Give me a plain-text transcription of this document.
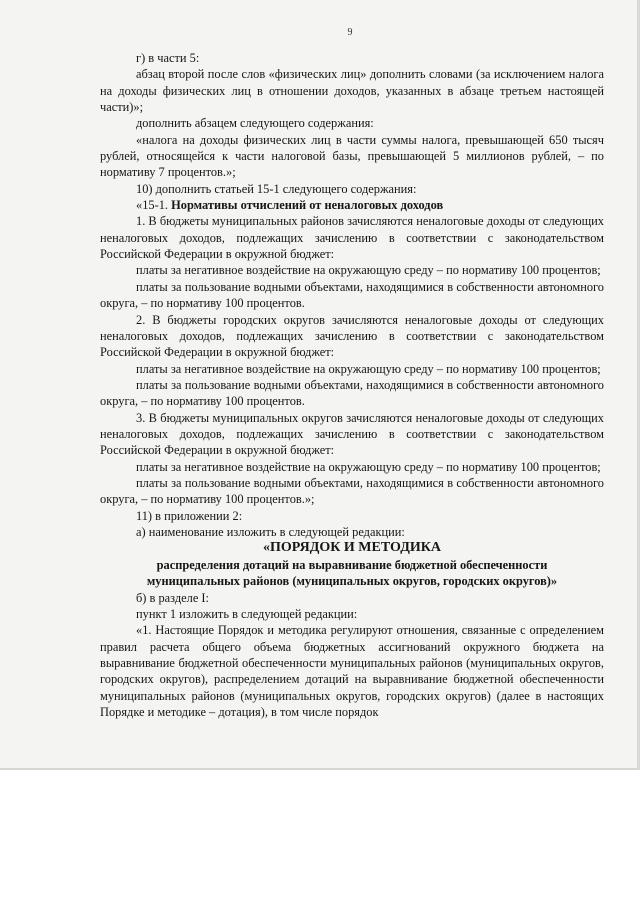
9

г) в части 5:

абзац второй после слов «физических лиц» дополнить словами (за исключением налога на доходы физических лиц в отношении доходов, указанных в абзаце третьем настоящей части)»;

дополнить абзацем следующего содержания:

«налога на доходы физических лиц в части суммы налога, превышающей 650 тысяч рублей, относящейся к части налоговой базы, превышающей 5 миллионов рублей, – по нормативу 7 процентов.»;

10) дополнить статьей 15-1 следующего содержания:

«15-1. Нормативы отчислений от неналоговых доходов

1. В бюджеты муниципальных районов зачисляются неналоговые доходы от следующих неналоговых доходов, подлежащих зачислению в соответствии с законодательством Российской Федерации в окружной бюджет:

платы за негативное воздействие на окружающую среду – по нормативу 100 процентов;

платы за пользование водными объектами, находящимися в собственности автономного округа, – по нормативу 100 процентов.

2. В бюджеты городских округов зачисляются неналоговые доходы от следующих неналоговых доходов, подлежащих зачислению в соответствии с законодательством Российской Федерации в окружной бюджет:

платы за негативное воздействие на окружающую среду – по нормативу 100 процентов;

платы за пользование водными объектами, находящимися в собственности автономного округа, – по нормативу 100 процентов.

3. В бюджеты муниципальных округов зачисляются неналоговые доходы от следующих неналоговых доходов, подлежащих зачислению в соответствии с законодательством Российской Федерации в окружной бюджет:

платы за негативное воздействие на окружающую среду – по нормативу 100 процентов;

платы за пользование водными объектами, находящимися в собственности автономного округа, – по нормативу 100 процентов.»;

11) в приложении 2:

а) наименование изложить в следующей редакции:

«ПОРЯДОК И МЕТОДИКА

распределения дотаций на выравнивание бюджетной обеспеченности

муниципальных районов (муниципальных округов, городских округов)»

б) в разделе I:

пункт 1 изложить в следующей редакции:

«1. Настоящие Порядок и методика регулируют отношения, связанные с определением правил расчета общего объема бюджетных ассигнований окружного бюджета на выравнивание бюджетной обеспеченности муниципальных районов (муниципальных округов, городских округов), распределением дотаций на выравнивание бюджетной обеспеченности муниципальных районов (муниципальных округов, городских округов) (далее в настоящих Порядке и методике – дотация), в том числе порядок
